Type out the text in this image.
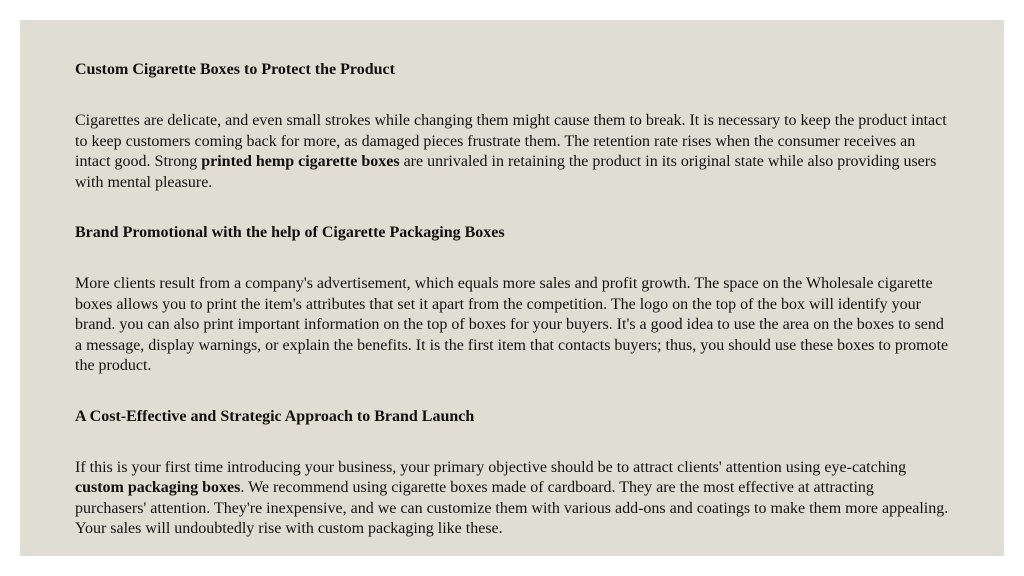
Custom Cigarette Boxes to Protect the Product

Cigarettes are delicate, and even small strokes while changing them might cause them to break. It is necessary to keep the product intact to keep customers coming back for more, as damaged pieces frustrate them. The retention rate rises when the consumer receives an intact good. Strong printed hemp cigarette boxes are unrivaled in retaining the product in its original state while also providing users with mental pleasure.

Brand Promotional with the help of Cigarette Packaging Boxes

More clients result from a company's advertisement, which equals more sales and profit growth. The space on the Wholesale cigarette boxes allows you to print the item's attributes that set it apart from the competition. The logo on the top of the box will identify your brand. you can also print important information on the top of boxes for your buyers. It's a good idea to use the area on the boxes to send a message, display warnings, or explain the benefits. It is the first item that contacts buyers; thus, you should use these boxes to promote the product.

A Cost-Effective and Strategic Approach to Brand Launch

If this is your first time introducing your business, your primary objective should be to attract clients' attention using eye-catching custom packaging boxes. We recommend using cigarette boxes made of cardboard. They are the most effective at attracting purchasers' attention. They're inexpensive, and we can customize them with various add-ons and coatings to make them more appealing. Your sales will undoubtedly rise with custom packaging like these.
